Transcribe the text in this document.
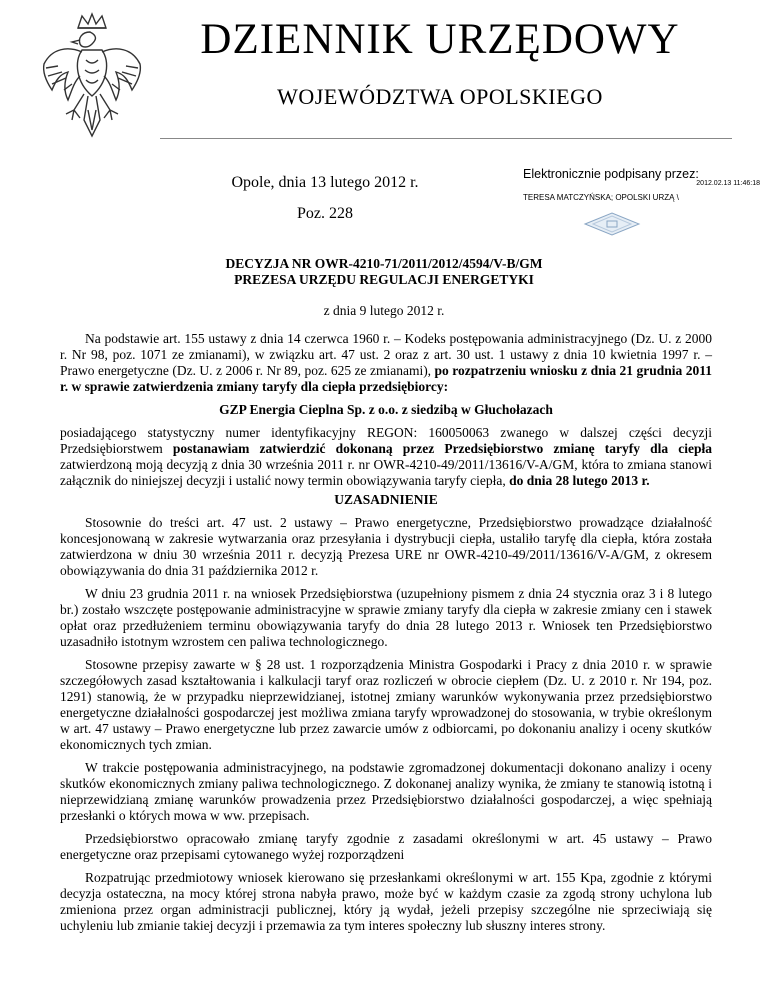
DZIENNIK URZĘDOWY
WOJEWÓDZTWA OPOLSKIEGO
Opole, dnia 13 lutego 2012 r.
Poz. 228
Elektronicznie podpisany przez:
2012.02.13 11:46:18
TERESA MATCZYŃSKA; OPOLSKI URZĄ \
DECYZJA NR OWR-4210-71/2011/2012/4594/V-B/GM
PREZESA URZĘDU REGULACJI ENERGETYKI
z dnia 9 lutego 2012 r.

Na podstawie art. 155 ustawy z dnia 14 czerwca 1960 r. – Kodeks postępowania administracyjnego (Dz. U. z 2000 r. Nr 98, poz. 1071 ze zmianami), w związku art. 47 ust. 2 oraz z art. 30 ust. 1 ustawy z dnia 10 kwietnia 1997 r. – Prawo energetyczne (Dz. U. z 2006 r. Nr 89, poz. 625 ze zmianami), po rozpatrzeniu wniosku z dnia 21 grudnia 2011 r. w sprawie zatwierdzenia zmiany taryfy dla ciepła przedsiębiorcy:

GZP Energia Cieplna Sp. z o.o. z siedzibą w Głuchołazach

posiadającego statystyczny numer identyfikacyjny REGON: 160050063 zwanego w dalszej części decyzji Przedsiębiorstwem postanawiam zatwierdzić dokonaną przez Przedsiębiorstwo zmianę taryfy dla ciepła zatwierdzoną moją decyzją z dnia 30 września 2011 r. nr OWR-4210-49/2011/13616/V-A/GM, która to zmiana stanowi załącznik do niniejszej decyzji i ustalić nowy termin obowiązywania taryfy ciepła, do dnia 28 lutego 2013 r.

UZASADNIENIE

Stosownie do treści art. 47 ust. 2 ustawy – Prawo energetyczne, Przedsiębiorstwo prowadzące działalność koncesjonowaną w zakresie wytwarzania oraz przesyłania i dystrybucji ciepła, ustaliło taryfę dla ciepła, która została zatwierdzona w dniu 30 września 2011 r. decyzją Prezesa URE nr OWR-4210-49/2011/13616/V-A/GM, z okresem obowiązywania do dnia 31 października 2012 r.

W dniu 23 grudnia 2011 r. na wniosek Przedsiębiorstwa (uzupełniony pismem z dnia 24 stycznia oraz 3 i 8 lutego br.) zostało wszczęte postępowanie administracyjne w sprawie zmiany taryfy dla ciepła w zakresie zmiany cen i stawek opłat oraz przedłużeniem terminu obowiązywania taryfy do dnia 28 lutego 2013 r. Wniosek ten Przedsiębiorstwo uzasadniło istotnym wzrostem cen paliwa technologicznego.

Stosowne przepisy zawarte w § 28 ust. 1 rozporządzenia Ministra Gospodarki i Pracy z dnia 2010 r. w sprawie szczegółowych zasad kształtowania i kalkulacji taryf oraz rozliczeń w obrocie ciepłem (Dz. U. z 2010 r. Nr 194, poz. 1291) stanowią, że w przypadku nieprzewidzianej, istotnej zmiany warunków wykonywania przez przedsiębiorstwo energetyczne działalności gospodarczej jest możliwa zmiana taryfy wprowadzonej do stosowania, w trybie określonym w art. 47 ustawy – Prawo energetyczne lub przez zawarcie umów z odbiorcami, po dokonaniu analizy i oceny skutków ekonomicznych tych zmian.

W trakcie postępowania administracyjnego, na podstawie zgromadzonej dokumentacji dokonano analizy i oceny skutków ekonomicznych zmiany paliwa technologicznego. Z dokonanej analizy wynika, że zmiany te stanowią istotną i nieprzewidzianą zmianę warunków prowadzenia przez Przedsiębiorstwo działalności gospodarczej, a więc spełniają przesłanki o których mowa w ww. przepisach.

Przedsiębiorstwo opracowało zmianę taryfy zgodnie z zasadami określonymi w art. 45 ustawy – Prawo energetyczne oraz przepisami cytowanego wyżej rozporządzeni

Rozpatrując przedmiotowy wniosek kierowano się przesłankami określonymi w art. 155 Kpa, zgodnie z którymi decyzja ostateczna, na mocy której strona nabyła prawo, może być w każdym czasie za zgodą strony uchylona lub zmieniona przez organ administracji publicznej, który ją wydał, jeżeli przepisy szczególne nie sprzeciwiają się uchyleniu lub zmianie takiej decyzji i przemawia za tym interes społeczny lub słuszny interes strony.
